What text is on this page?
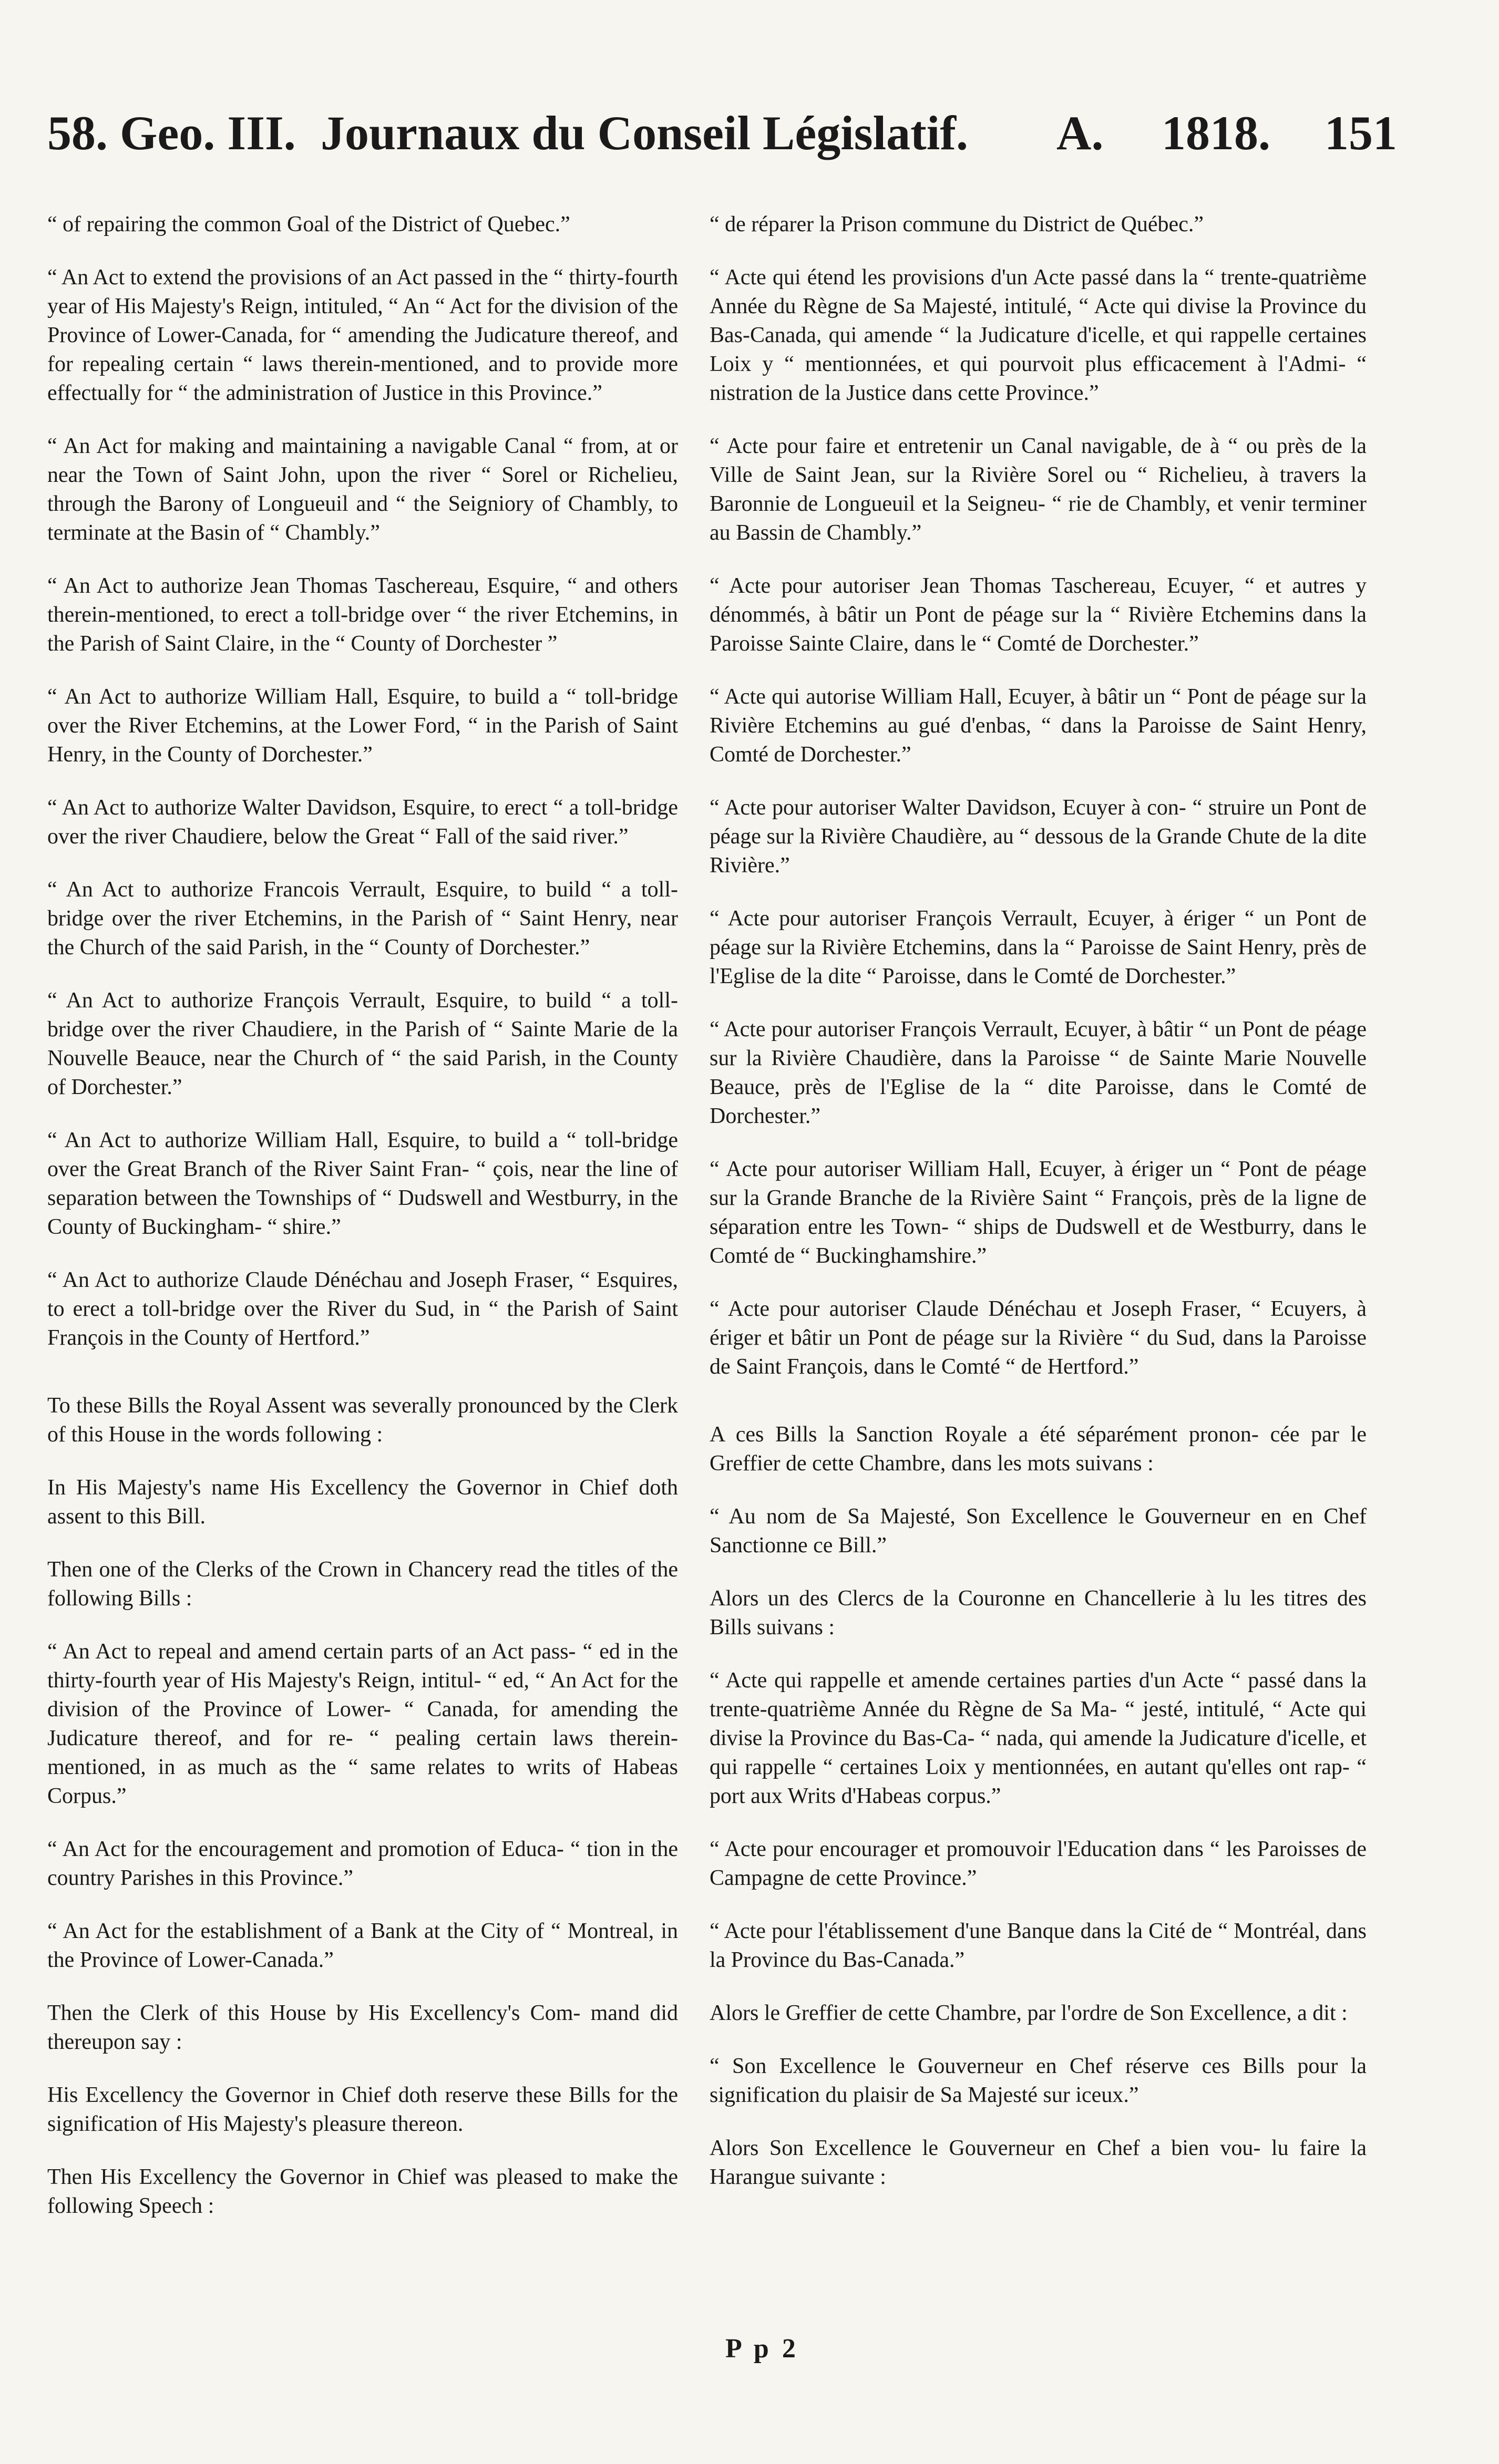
58. Geo. III. Journaux du Conseil Législatif. A. 1818. 151

“ of repairing the common Goal of the District of Quebec.”

“ An Act to extend the provisions of an Act passed in the “ thirty-fourth year of His Majesty's Reign, intituled, “ An “ Act for the division of the Province of Lower-Canada, for “ amending the Judicature thereof, and for repealing certain “ laws therein-mentioned, and to provide more effectually for “ the administration of Justice in this Province.”

“ An Act for making and maintaining a navigable Canal “ from, at or near the Town of Saint John, upon the river “ Sorel or Richelieu, through the Barony of Longueuil and “ the Seigniory of Chambly, to terminate at the Basin of “ Chambly.”

“ An Act to authorize Jean Thomas Taschereau, Esquire, “ and others therein-mentioned, to erect a toll-bridge over “ the river Etchemins, in the Parish of Saint Claire, in the “ County of Dorchester ”

“ An Act to authorize William Hall, Esquire, to build a “ toll-bridge over the River Etchemins, at the Lower Ford, “ in the Parish of Saint Henry, in the County of Dorchester.”

“ An Act to authorize Walter Davidson, Esquire, to erect “ a toll-bridge over the river Chaudiere, below the Great “ Fall of the said river.”

“ An Act to authorize Francois Verrault, Esquire, to build “ a toll-bridge over the river Etchemins, in the Parish of “ Saint Henry, near the Church of the said Parish, in the “ County of Dorchester.”

“ An Act to authorize François Verrault, Esquire, to build “ a toll-bridge over the river Chaudiere, in the Parish of “ Sainte Marie de la Nouvelle Beauce, near the Church of “ the said Parish, in the County of Dorchester.”

“ An Act to authorize William Hall, Esquire, to build a “ toll-bridge over the Great Branch of the River Saint Fran- “ çois, near the line of separation between the Townships of “ Dudswell and Westburry, in the County of Buckingham- “ shire.”

“ An Act to authorize Claude Dénéchau and Joseph Fraser, “ Esquires, to erect a toll-bridge over the River du Sud, in “ the Parish of Saint François in the County of Hertford.”

To these Bills the Royal Assent was severally pronounced by the Clerk of this House in the words following :

In His Majesty's name His Excellency the Governor in Chief doth assent to this Bill.

Then one of the Clerks of the Crown in Chancery read the titles of the following Bills :

“ An Act to repeal and amend certain parts of an Act pass- “ ed in the thirty-fourth year of His Majesty's Reign, intitul- “ ed, “ An Act for the division of the Province of Lower- “ Canada, for amending the Judicature thereof, and for re- “ pealing certain laws therein-mentioned, in as much as the “ same relates to writs of Habeas Corpus.”

“ An Act for the encouragement and promotion of Educa- “ tion in the country Parishes in this Province.”

“ An Act for the establishment of a Bank at the City of “ Montreal, in the Province of Lower-Canada.”

Then the Clerk of this House by His Excellency's Com- mand did thereupon say :

His Excellency the Governor in Chief doth reserve these Bills for the signification of His Majesty's pleasure thereon.

Then His Excellency the Governor in Chief was pleased to make the following Speech :

“ de réparer la Prison commune du District de Québec.”

“ Acte qui étend les provisions d'un Acte passé dans la “ trente-quatrième Année du Règne de Sa Majesté, intitulé, “ Acte qui divise la Province du Bas-Canada, qui amende “ la Judicature d'icelle, et qui rappelle certaines Loix y “ mentionnées, et qui pourvoit plus efficacement à l'Admi- “ nistration de la Justice dans cette Province.”

“ Acte pour faire et entretenir un Canal navigable, de à “ ou près de la Ville de Saint Jean, sur la Rivière Sorel ou “ Richelieu, à travers la Baronnie de Longueuil et la Seigneu- “ rie de Chambly, et venir terminer au Bassin de Chambly.”

“ Acte pour autoriser Jean Thomas Taschereau, Ecuyer, “ et autres y dénommés, à bâtir un Pont de péage sur la “ Rivière Etchemins dans la Paroisse Sainte Claire, dans le “ Comté de Dorchester.”

“ Acte qui autorise William Hall, Ecuyer, à bâtir un “ Pont de péage sur la Rivière Etchemins au gué d'enbas, “ dans la Paroisse de Saint Henry, Comté de Dorchester.”

“ Acte pour autoriser Walter Davidson, Ecuyer à con- “ struire un Pont de péage sur la Rivière Chaudière, au “ dessous de la Grande Chute de la dite Rivière.”

“ Acte pour autoriser François Verrault, Ecuyer, à ériger “ un Pont de péage sur la Rivière Etchemins, dans la “ Paroisse de Saint Henry, près de l'Eglise de la dite “ Paroisse, dans le Comté de Dorchester.”

“ Acte pour autoriser François Verrault, Ecuyer, à bâtir “ un Pont de péage sur la Rivière Chaudière, dans la Paroisse “ de Sainte Marie Nouvelle Beauce, près de l'Eglise de la “ dite Paroisse, dans le Comté de Dorchester.”

“ Acte pour autoriser William Hall, Ecuyer, à ériger un “ Pont de péage sur la Grande Branche de la Rivière Saint “ François, près de la ligne de séparation entre les Town- “ ships de Dudswell et de Westburry, dans le Comté de “ Buckinghamshire.”

“ Acte pour autoriser Claude Dénéchau et Joseph Fraser, “ Ecuyers, à ériger et bâtir un Pont de péage sur la Rivière “ du Sud, dans la Paroisse de Saint François, dans le Comté “ de Hertford.”

A ces Bills la Sanction Royale a été séparément pronon- cée par le Greffier de cette Chambre, dans les mots suivans :

“ Au nom de Sa Majesté, Son Excellence le Gouverneur en en Chef Sanctionne ce Bill.”

Alors un des Clercs de la Couronne en Chancellerie à lu les titres des Bills suivans :

“ Acte qui rappelle et amende certaines parties d'un Acte “ passé dans la trente-quatrième Année du Règne de Sa Ma- “ jesté, intitulé, “ Acte qui divise la Province du Bas-Ca- “ nada, qui amende la Judicature d'icelle, et qui rappelle “ certaines Loix y mentionnées, en autant qu'elles ont rap- “ port aux Writs d'Habeas corpus.”

“ Acte pour encourager et promouvoir l'Education dans “ les Paroisses de Campagne de cette Province.”

“ Acte pour l'établissement d'une Banque dans la Cité de “ Montréal, dans la Province du Bas-Canada.”

Alors le Greffier de cette Chambre, par l'ordre de Son Excellence, a dit :

“ Son Excellence le Gouverneur en Chef réserve ces Bills pour la signification du plaisir de Sa Majesté sur iceux.”

Alors Son Excellence le Gouverneur en Chef a bien vou- lu faire la Harangue suivante :

P p 2
